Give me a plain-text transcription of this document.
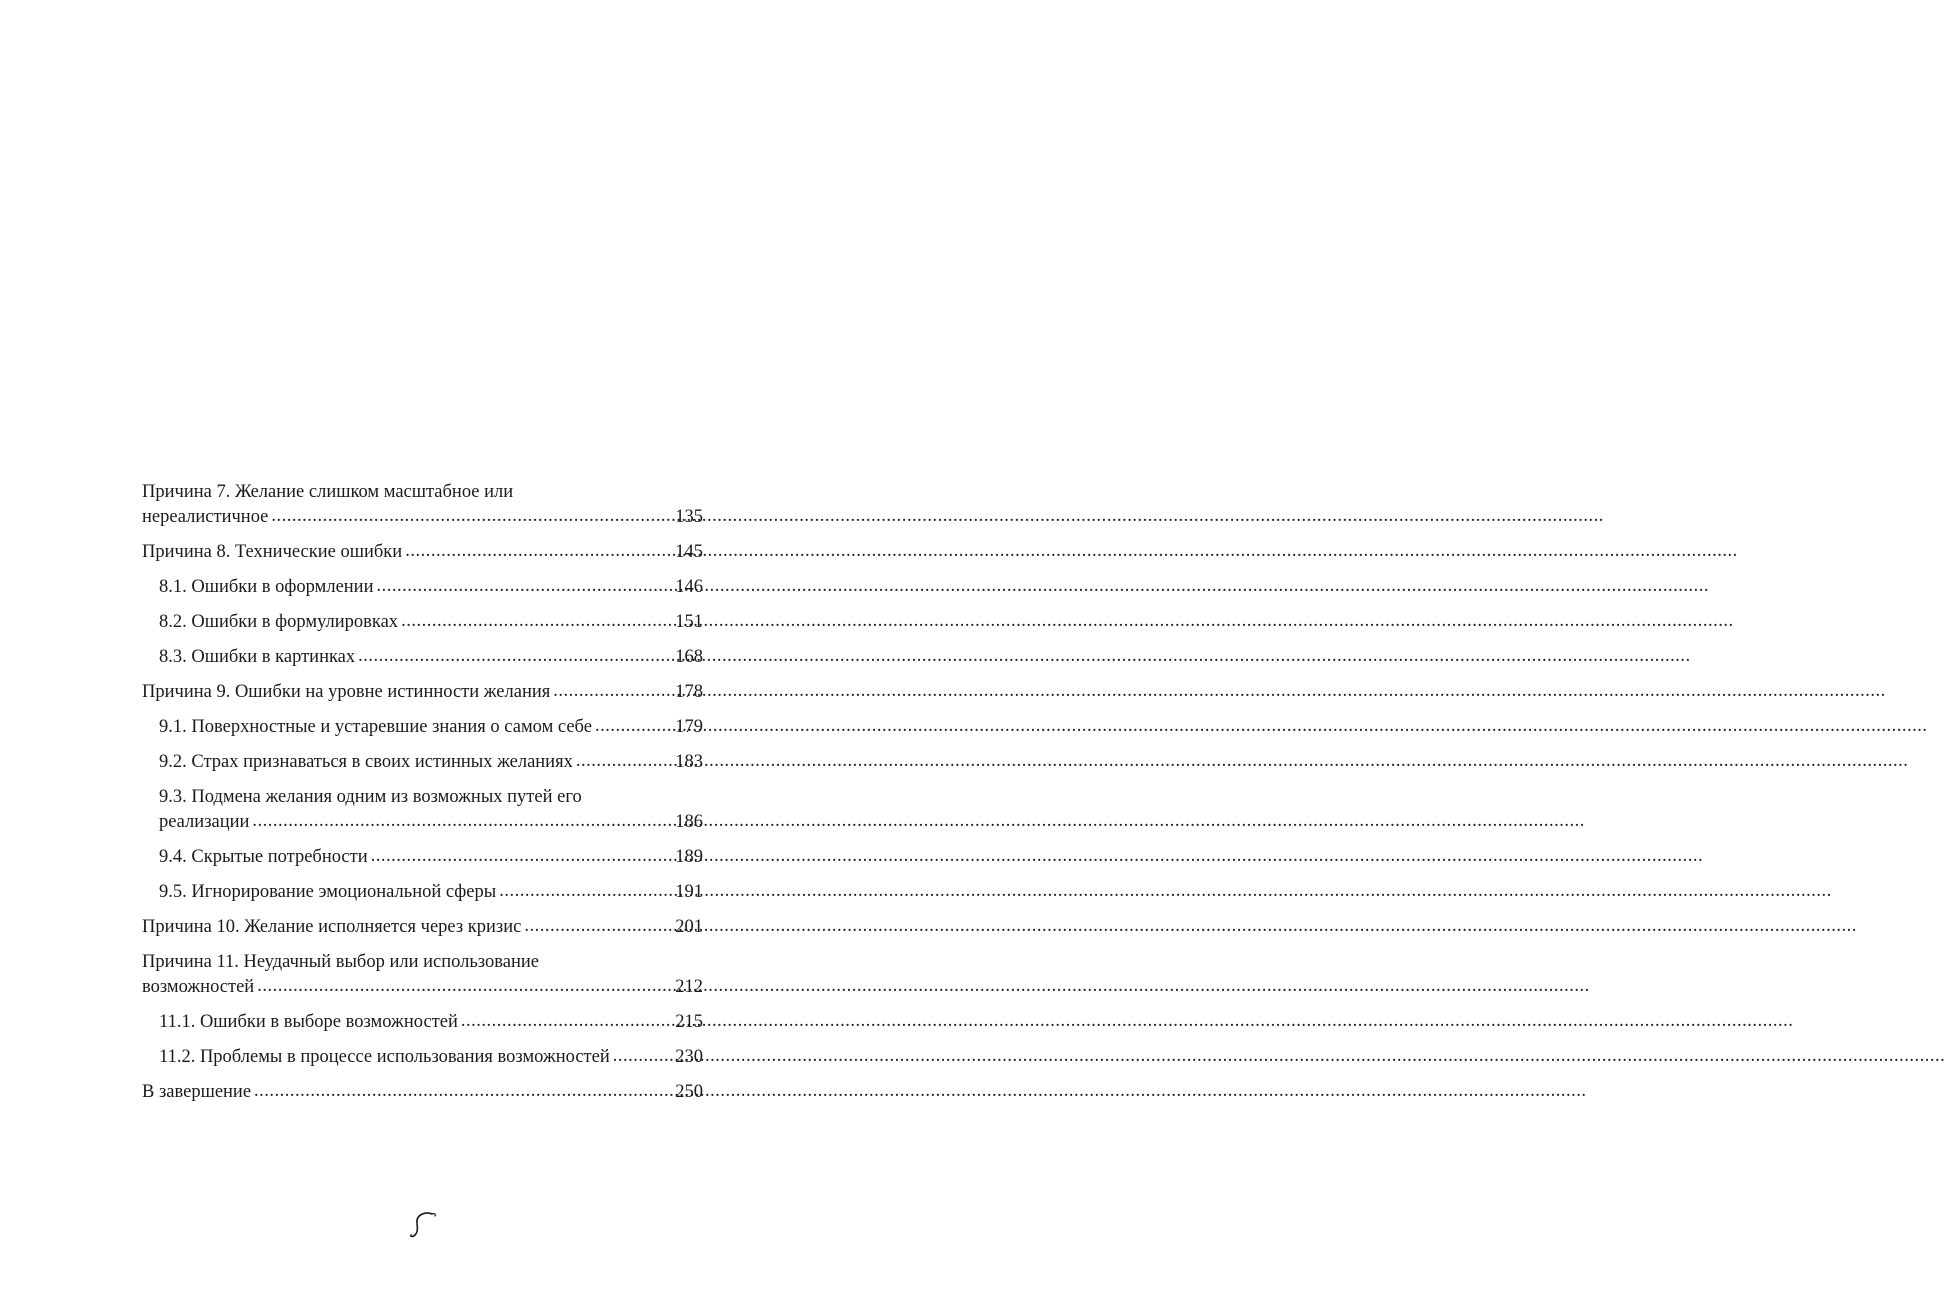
Причина 7. Желание слишком масштабное или
нереалистичное .....	135
Причина 8. Технические ошибки .....	145
8.1. Ошибки в оформлении .....	146
8.2. Ошибки в формулировках .....	151
8.3. Ошибки в картинках .....	168
Причина 9. Ошибки на уровне истинности желания .....	178
9.1. Поверхностные и устаревшие знания о самом себе .....	179
9.2. Страх признаваться в своих истинных желаниях .....	183
9.3. Подмена желания одним из возможных путей его
реализации .....	186
9.4. Скрытые потребности .....	189
9.5. Игнорирование эмоциональной сферы .....	191
Причина 10. Желание исполняется через кризис .....	201
Причина 11. Неудачный выбор или использование
возможностей .....	212
11.1. Ошибки в выборе возможностей .....	215
11.2. Проблемы в процессе использования возможностей .....	230
В завершение .....	250
